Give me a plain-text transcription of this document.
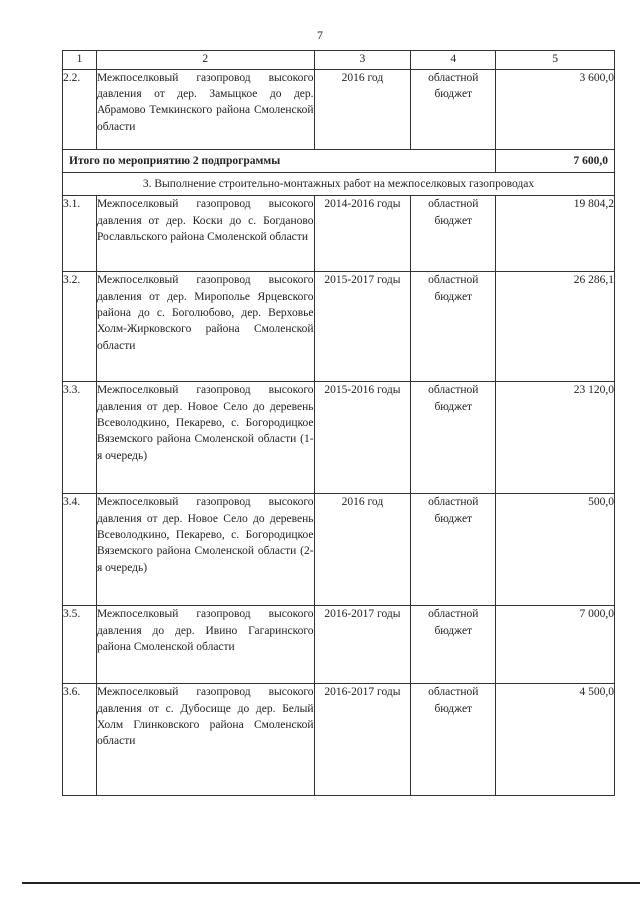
7
1	2	3	4	5
2.2.	Межпоселковый газопровод высокого давления от дер. Замыцкое до дер. Абрамово Темкинского района Смоленской области	2016 год	областной бюджет	3 600,0
Итого по мероприятию 2 подпрограммы				7 600,0
3. Выполнение строительно-монтажных работ на межпоселковых газопроводах				
3.1.	Межпоселковый газопровод высокого давления от дер. Коски до с. Богданово Рославльского района Смоленской области	2014-2016 годы	областной бюджет	19 804,2
3.2.	Межпоселковый газопровод высокого давления от дер. Миропольe Ярцевского района до с. Боголюбово, дер. Верховье Холм-Жирковского района Смоленской области	2015-2017 годы	областной бюджет	26 286,1
3.3.	Межпоселковый газопровод высокого давления от дер. Новое Село до деревень Всеволодкино, Пекарево, с. Богородицкое Вяземского района Смоленской области (1-я очередь)	2015-2016 годы	областной бюджет	23 120,0
3.4.	Межпоселковый газопровод высокого давления от дер. Новое Село до деревень Всеволодкино, Пекарево, с. Богородицкое Вяземского района Смоленской области (2-я очередь)	2016 год	областной бюджет	500,0
3.5.	Межпоселковый газопровод высокого давления до дер. Ивино Гагаринского района Смоленской области	2016-2017 годы	областной бюджет	7 000,0
3.6.	Межпоселковый газопровод высокого давления от с. Дубосище до дер. Белый Холм Глинковского района Смоленской области	2016-2017 годы	областной бюджет	4 500,0
